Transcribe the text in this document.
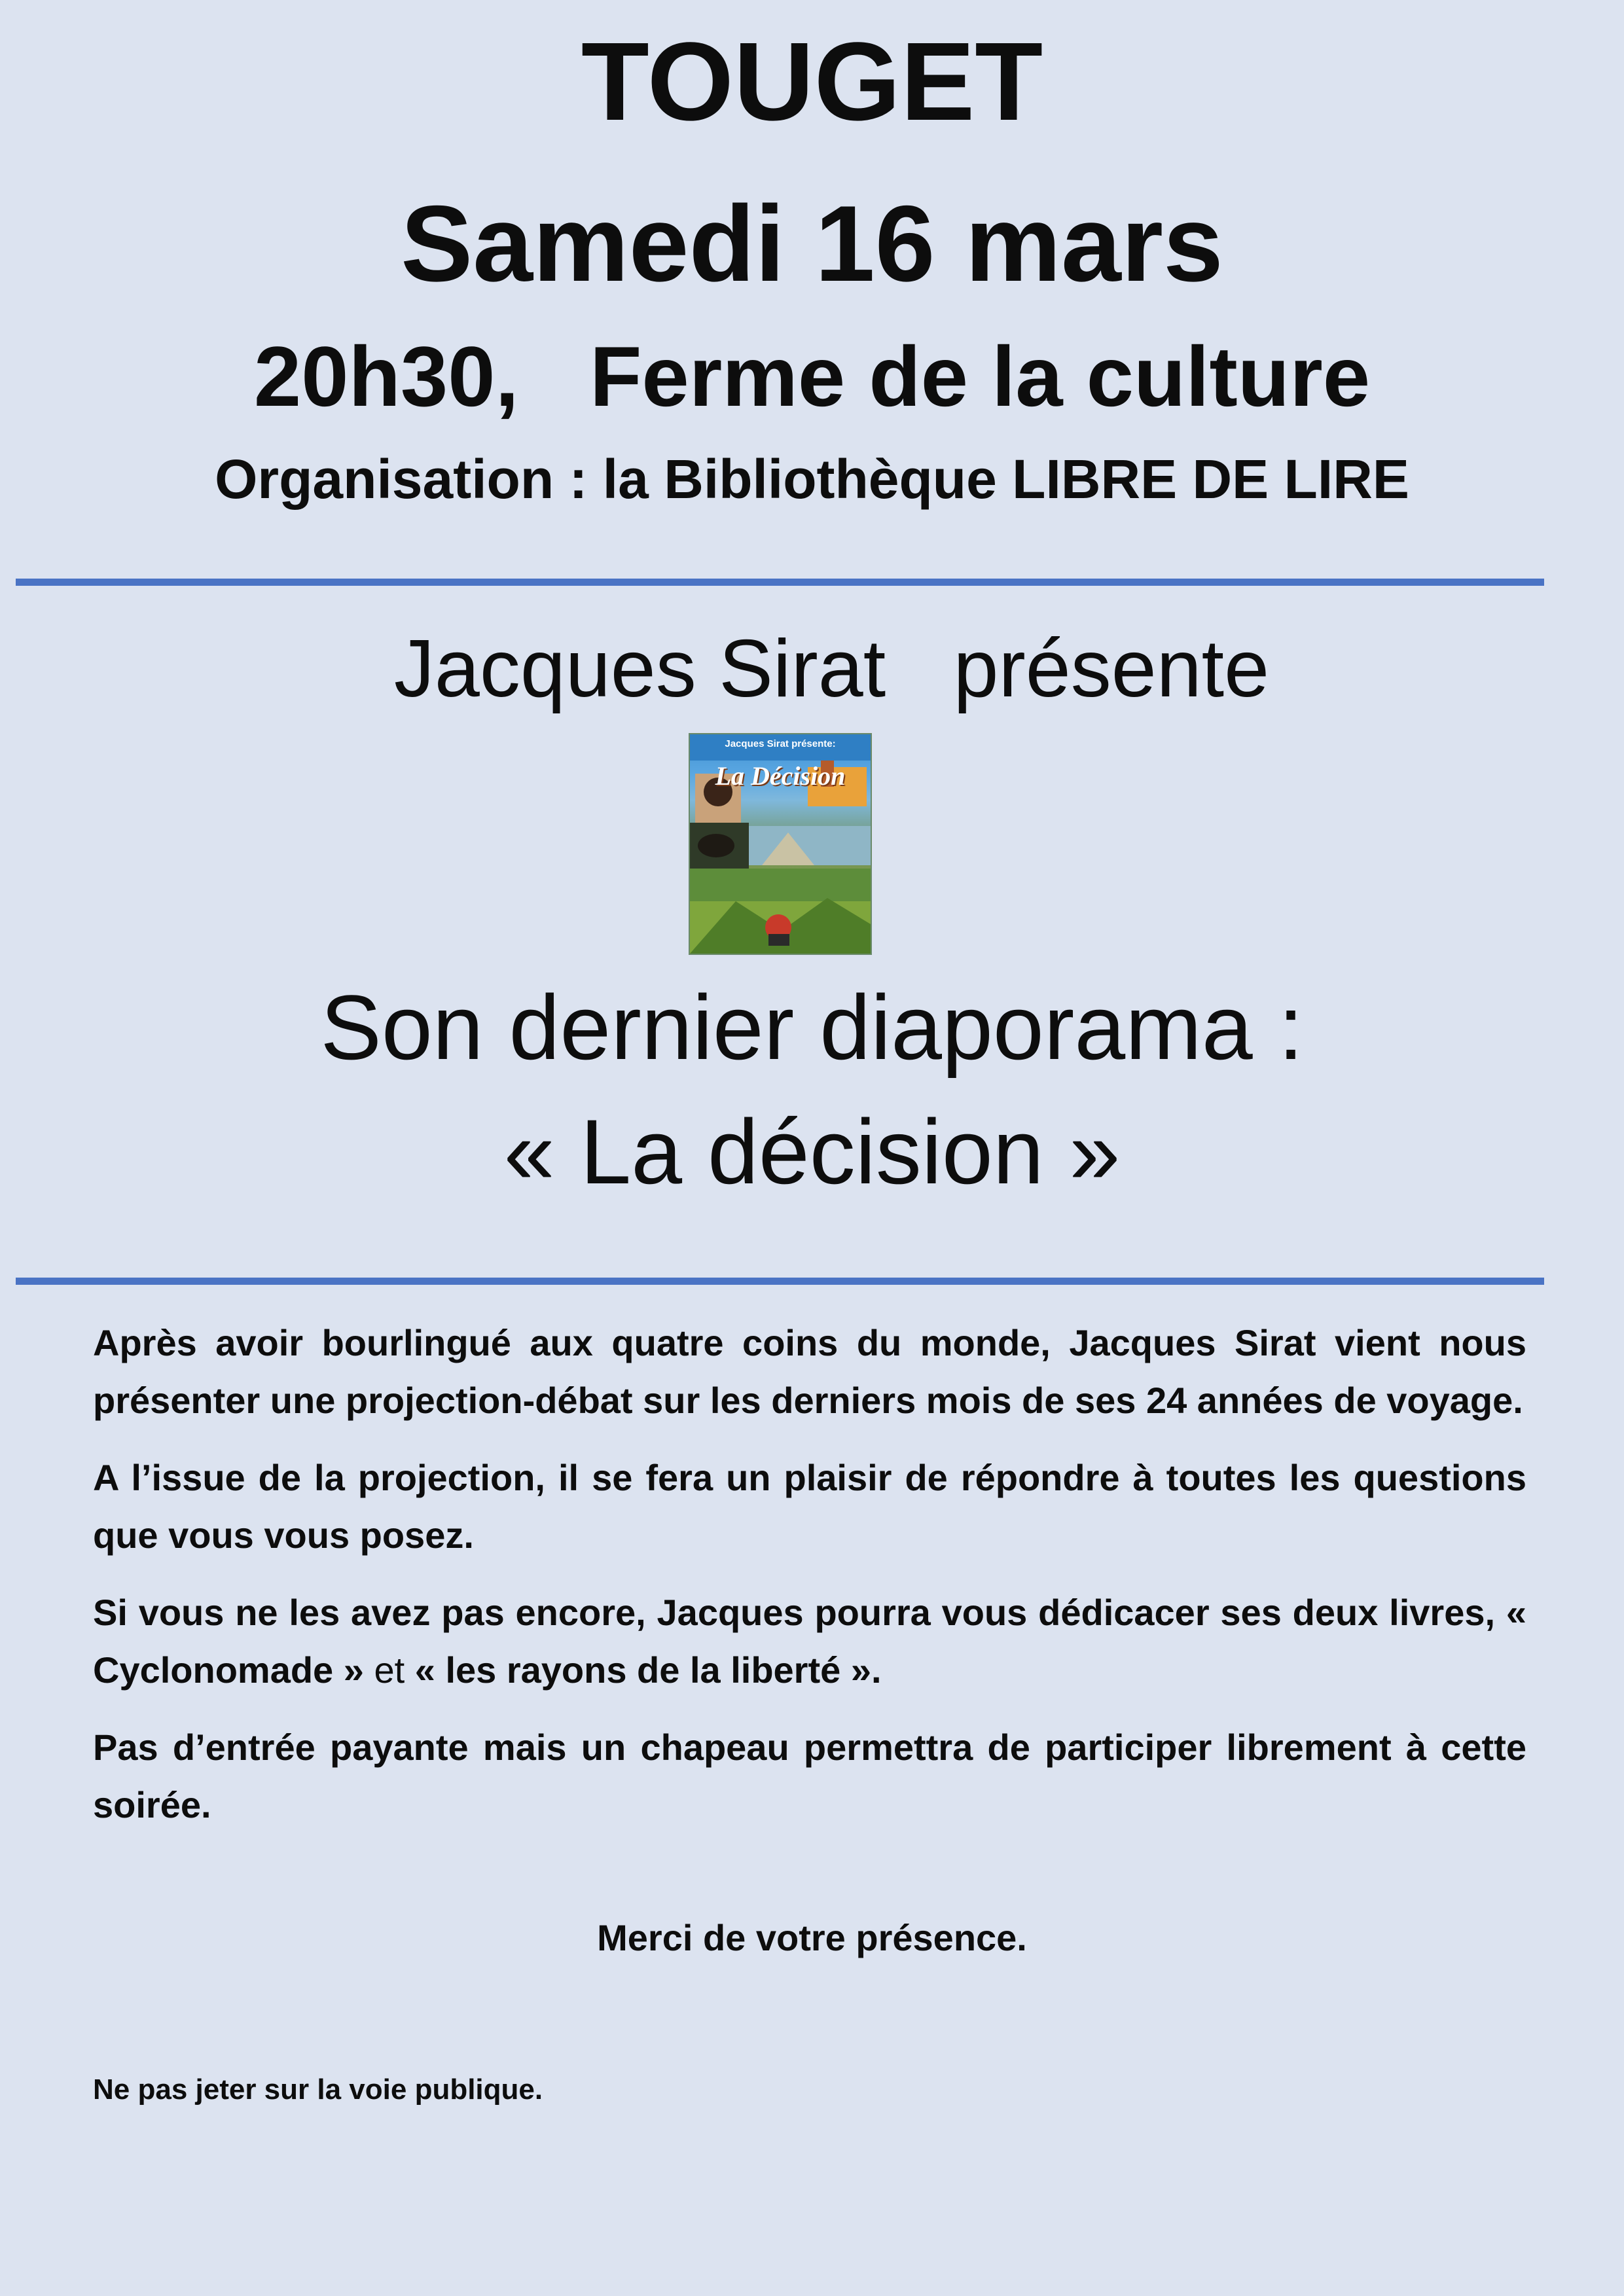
TOUGET
Samedi 16 mars
20h30,   Ferme de la culture
Organisation : la Bibliothèque LIBRE DE LIRE
Jacques Sirat   présente
Jacques Sirat présente:
La Décision
Son dernier diaporama :
« La décision »

Après avoir bourlingué aux quatre coins du monde, Jacques Sirat vient nous présenter une projection-débat sur les derniers mois de ses 24 années de voyage.

A l’issue de la projection, il se fera un plaisir de répondre à toutes les questions que vous vous posez.

Si vous ne les avez pas encore, Jacques pourra vous dédicacer ses deux livres, « Cyclonomade » et « les rayons de la liberté ».

Pas d’entrée payante mais un chapeau permettra de participer librement à cette soirée.

Merci de votre présence.
Ne pas jeter sur la voie publique.
